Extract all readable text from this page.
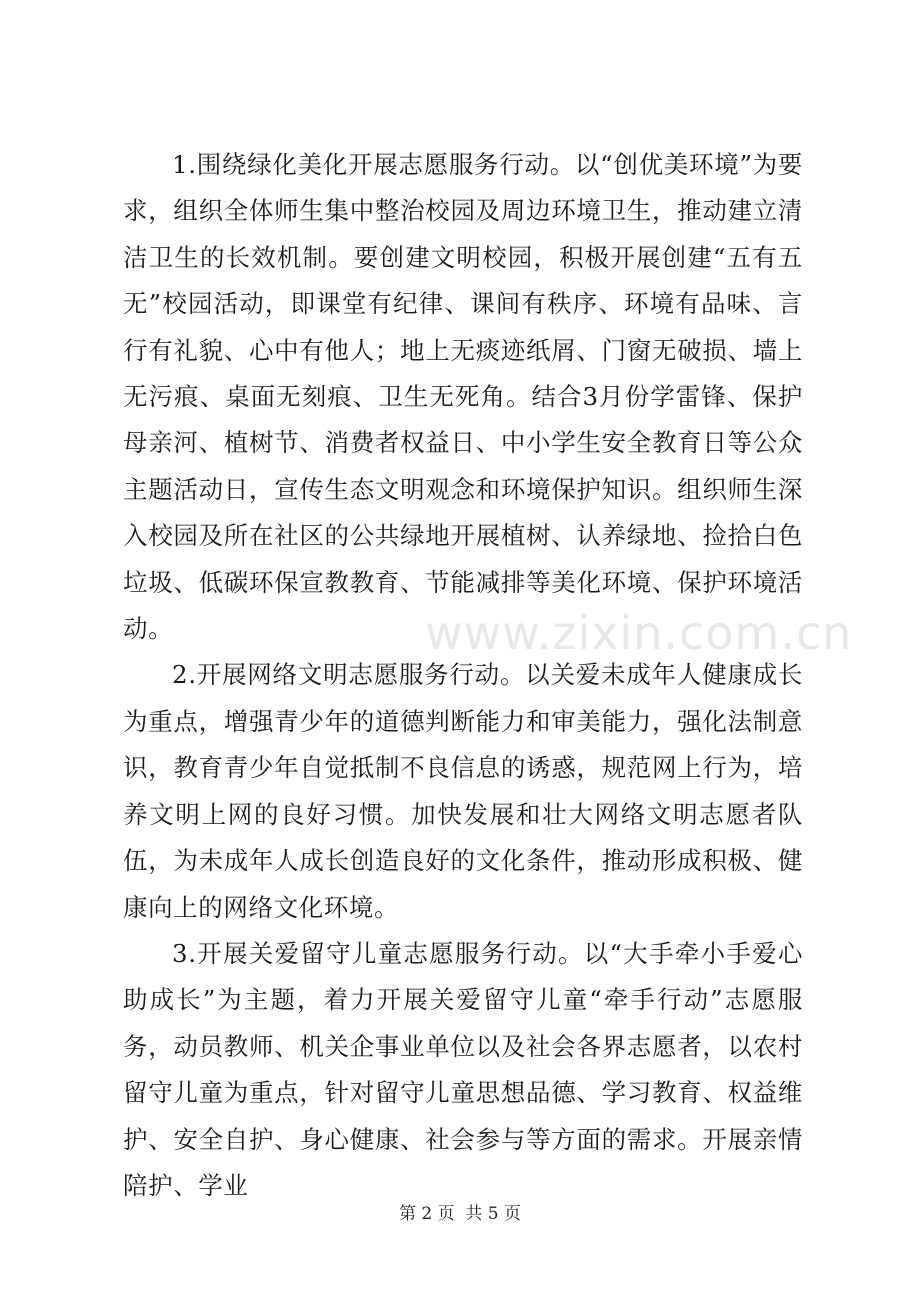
1.围绕绿化美化开展志愿服务行动。以“创优美环境”为要求，组织全体师生集中整治校园及周边环境卫生，推动建立清洁卫生的长效机制。要创建文明校园，积极开展创建“五有五无”校园活动，即课堂有纪律、课间有秩序、环境有品味、言行有礼貌、心中有他人；地上无痰迹纸屑、门窗无破损、墙上无污痕、桌面无刻痕、卫生无死角。结合3月份学雷锋、保护母亲河、植树节、消费者权益日、中小学生安全教育日等公众主题活动日，宣传生态文明观念和环境保护知识。组织师生深入校园及所在社区的公共绿地开展植树、认养绿地、捡拾白色垃圾、低碳环保宣教教育、节能减排等美化环境、保护环境活动。

2.开展网络文明志愿服务行动。以关爱未成年人健康成长为重点，增强青少年的道德判断能力和审美能力，强化法制意识，教育青少年自觉抵制不良信息的诱惑，规范网上行为，培养文明上网的良好习惯。加快发展和壮大网络文明志愿者队伍，为未成年人成长创造良好的文化条件，推动形成积极、健康向上的网络文化环境。

3.开展关爱留守儿童志愿服务行动。以“大手牵小手爱心助成长”为主题，着力开展关爱留守儿童“牵手行动”志愿服务，动员教师、机关企事业单位以及社会各界志愿者，以农村留守儿童为重点，针对留守儿童思想品德、学习教育、权益维护、安全自护、身心健康、社会参与等方面的需求。开展亲情陪护、学业

www.zixin.com.cn
第 2 页  共 5 页
